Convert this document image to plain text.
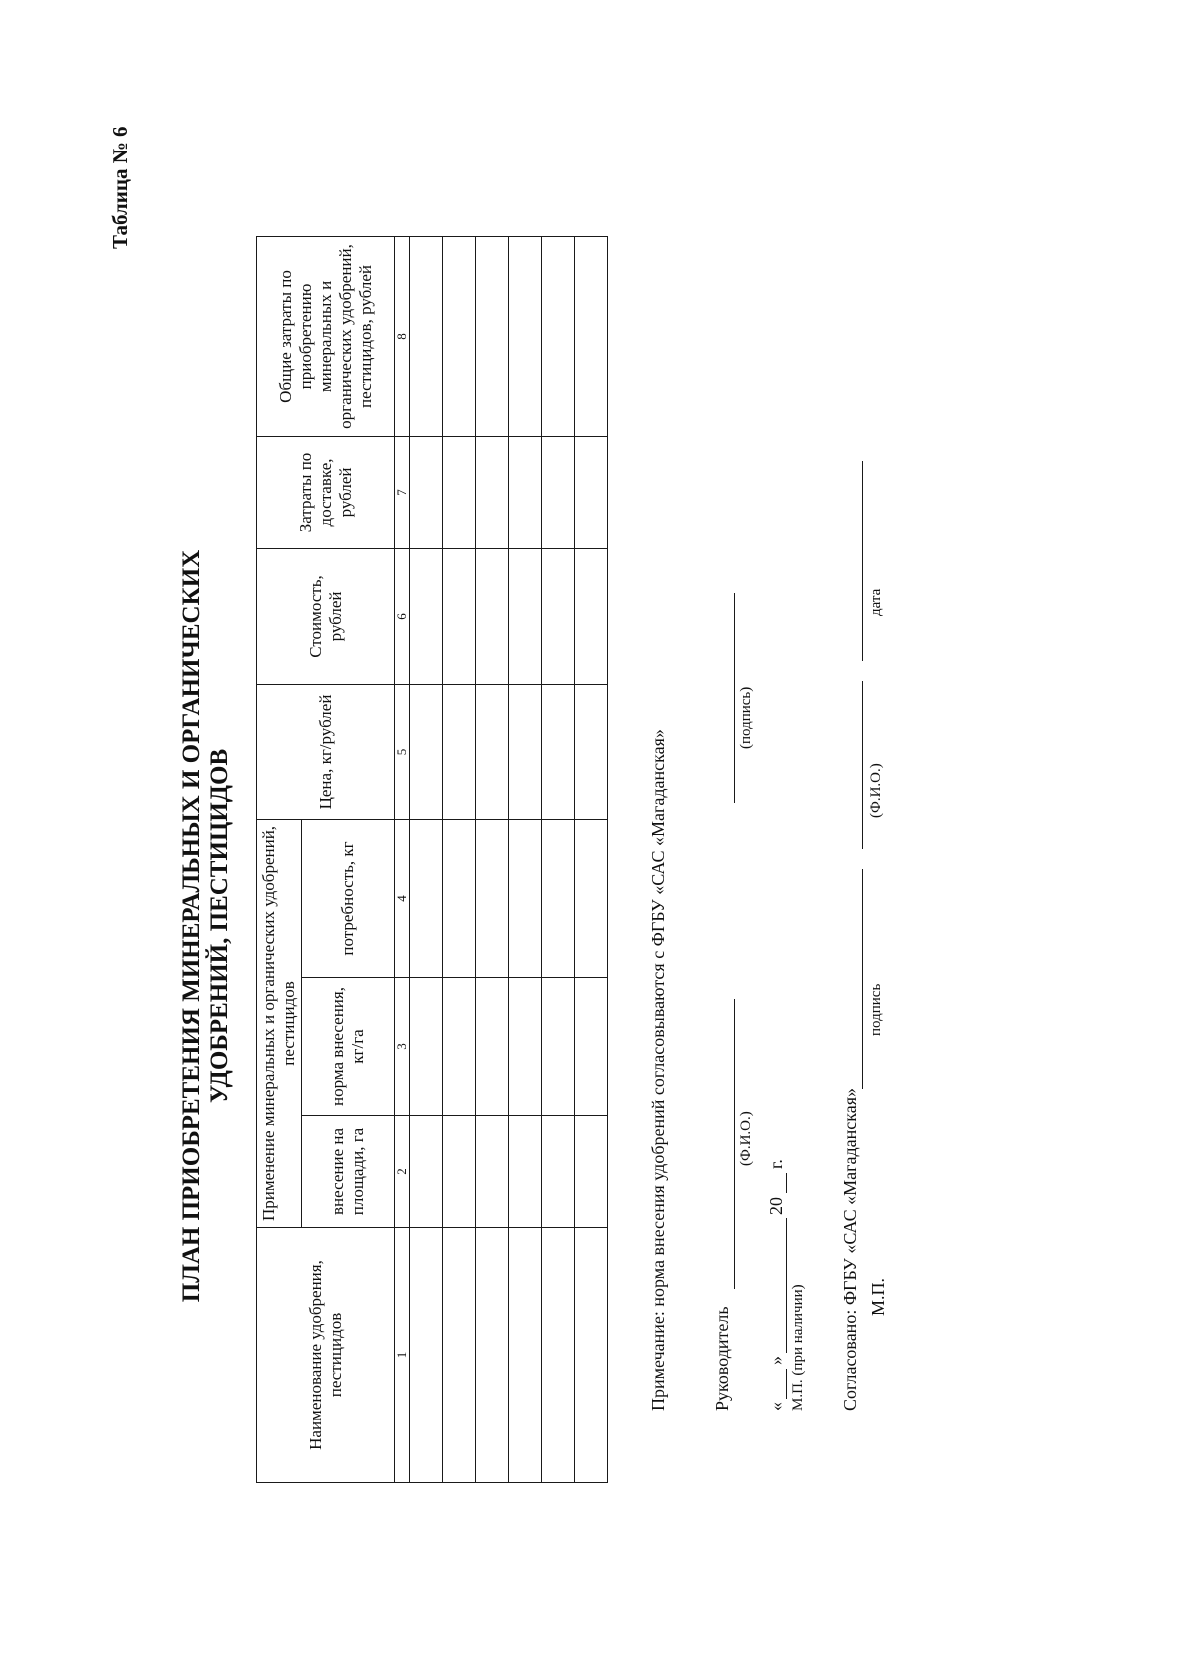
Таблица № 6
ПЛАН ПРИОБРЕТЕНИЯ МИНЕРАЛЬНЫХ И ОРГАНИЧЕСКИХ УДОБРЕНИЙ, ПЕСТИЦИДОВ
Наименование удобрения, пестицидов	Применение минеральных и органических удобрений, пестицидов			Цена, кг/рублей	Стоимость, рублей	Затраты по доставке, рублей	Общие затраты по приобретению минеральных и органических удобрений, пестицидов, рублей
	внесение на площади, га	норма внесения, кг/га	потребность, кг				
1	2	3	4	5	6	7	8

Примечание: норма внесения удобрений согласовываются с ФГБУ «САС «Магаданская» Руководитель
(Ф.И.О.)
(подпись)
«
»
20
г.
М.П. (при наличии) Согласовано: ФГБУ «САС «Магаданская» М.П.
подпись
(Ф.И.О.)
дата
